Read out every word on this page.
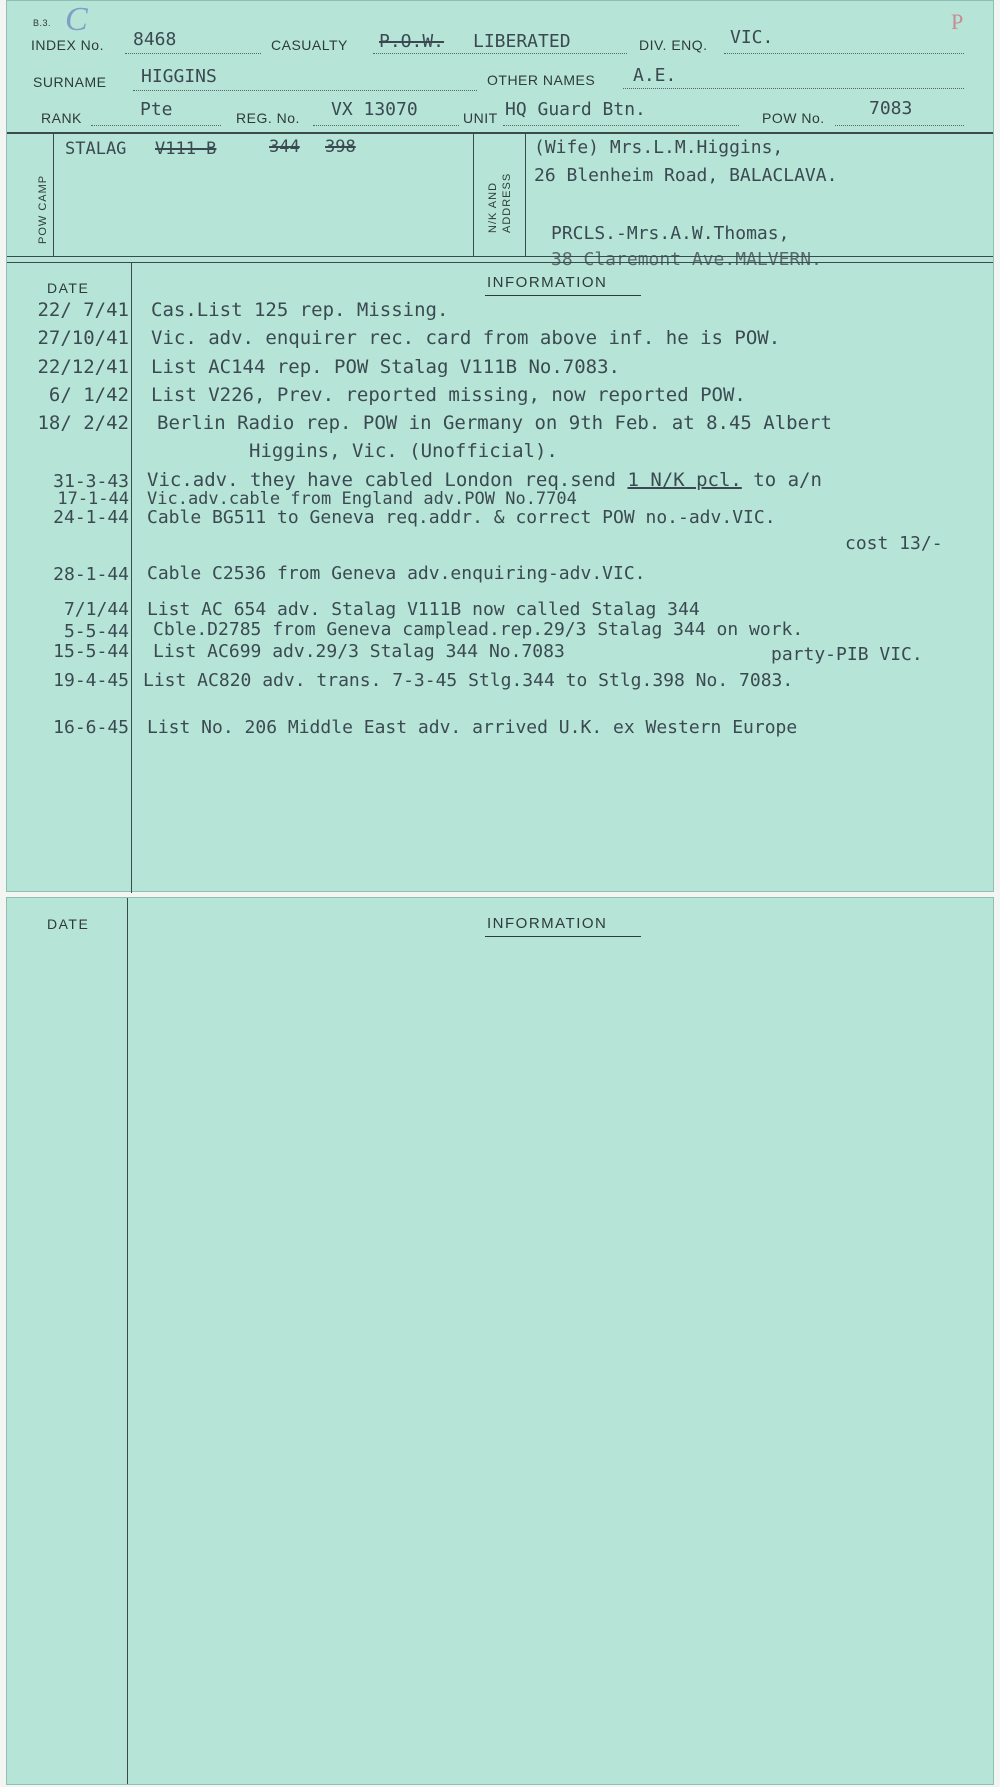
B.3. C	P
INDEX No. 8468	CASUALTY P.O.W. LIBERATED	DIV. ENQ. VIC.
SURNAME HIGGINS	OTHER NAMES A.E.
RANK	Pte	REG. No. VX 13070	UNIT HQ Guard Btn.	POW No. 7083
POW CAMP
STALAG V111 B	344 398
N/K AND ADDRESS
(Wife) Mrs.L.M.Higgins,
26 Blenheim Road, BALACLAVA.
PRCLS.-Mrs.A.W.Thomas,
38 Claremont Ave.MALVERN.
DATE	INFORMATION
22/ 7/41 Cas.List 125 rep. Missing.
27/10/41 Vic. adv. enquirer rec. card from above inf. he is POW.
22/12/41 List AC144 rep. POW Stalag V111B No.7083.
6/ 1/42 List V226, Prev. reported missing, now reported POW.
18/ 2/42 Berlin Radio rep. POW in Germany on 9th Feb. at 8.45 Albert
Higgins, Vic. (Unofficial).
31-3-43 Vic.adv. they have cabled London req.send 1 N/K pcl. to a/n
17-1-44 Vic.adv.cable from England adv.POW No.7704
24-1-44 Cable BG511 to Geneva req.addr. & correct POW no.-adv.VIC.
cost 13/-
28-1-44 Cable C2536 from Geneva adv.enquiring-adv.VIC.
7/1/44 List AC 654 adv. Stalag V111B now called Stalag 344
5-5-44 Cble.D2785 from Geneva camplead.rep.29/3 Stalag 344 on work.
15-5-44 List AC699 adv.29/3 Stalag 344 No.7083	party-PIB VIC.
19-4-45 List AC820 adv. trans. 7-3-45 Stlg.344 to Stlg.398 No. 7083.
16-6-45 List No. 206 Middle East adv. arrived U.K. ex Western Europe
DATE	INFORMATION
